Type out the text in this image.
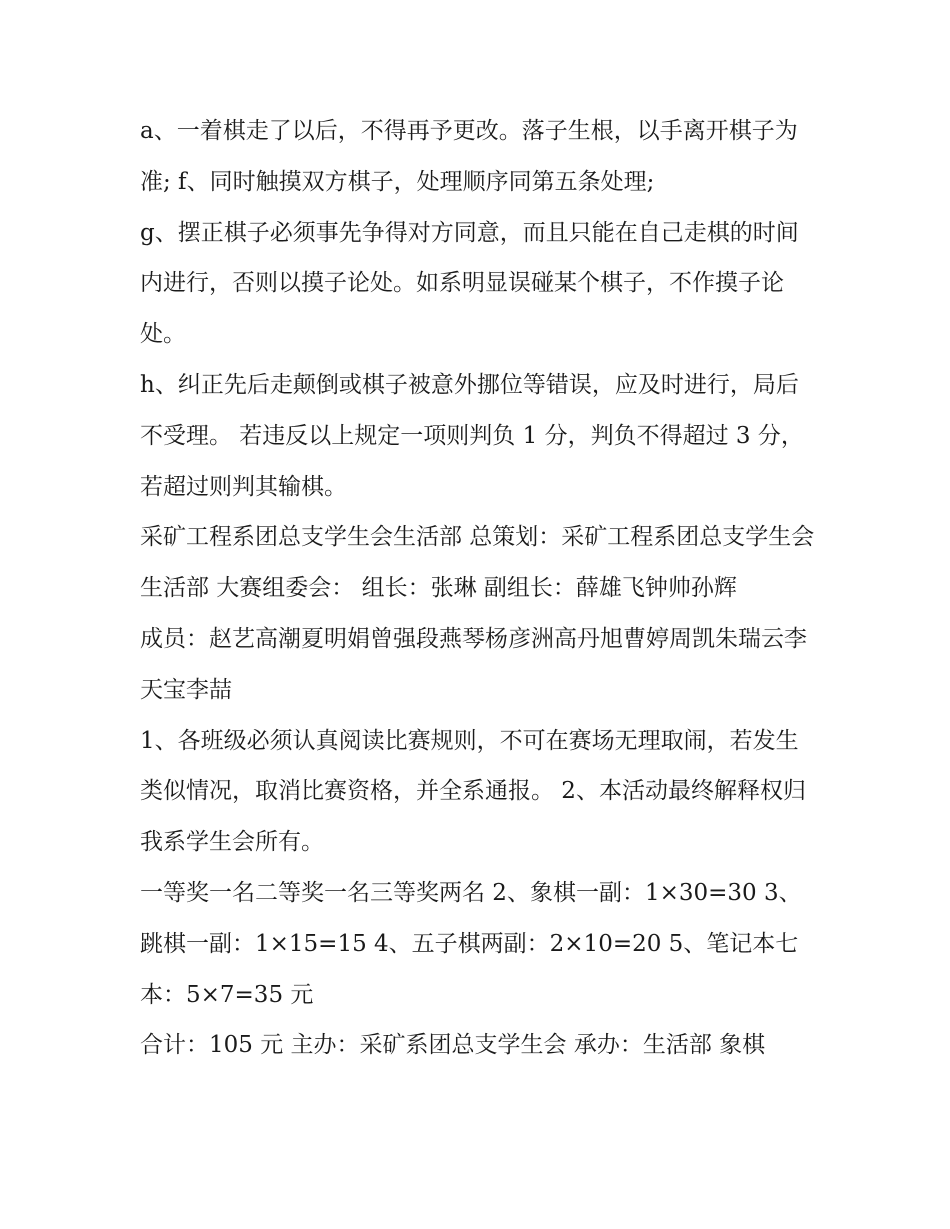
a、一着棋走了以后，不得再予更改。落子生根，以手离开棋子为准; f、同时触摸双方棋子，处理顺序同第五条处理;

g、摆正棋子必须事先争得对方同意，而且只能在自己走棋的时间内进行，否则以摸子论处。如系明显误碰某个棋子，不作摸子论处。

h、纠正先后走颠倒或棋子被意外挪位等错误，应及时进行，局后不受理。 若违反以上规定一项则判负 1 分，判负不得超过 3 分，若超过则判其输棋。

采矿工程系团总支学生会生活部 总策划：采矿工程系团总支学生会生活部 大赛组委会： 组长：张琳 副组长：薛雄飞钟帅孙辉

成员：赵艺高潮夏明娟曾强段燕琴杨彦洲高丹旭曹婷周凯朱瑞云李天宝李喆

1、各班级必须认真阅读比赛规则，不可在赛场无理取闹，若发生类似情况，取消比赛资格，并全系通报。 2、本活动最终解释权归我系学生会所有。

一等奖一名二等奖一名三等奖两名 2、象棋一副：1×30=30 3、跳棋一副：1×15=15 4、五子棋两副：2×10=20 5、笔记本七本：5×7=35 元

合计：105 元 主办：采矿系团总支学生会 承办：生活部 象棋
